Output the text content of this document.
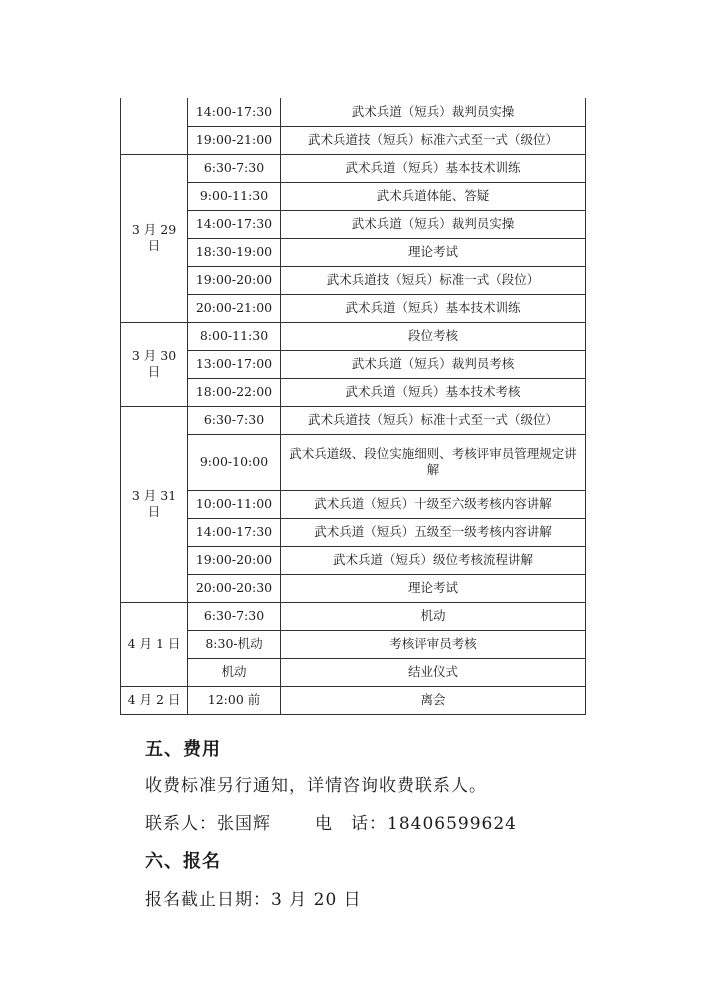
	14:00-17:30	武术兵道（短兵）裁判员实操
	19:00-21:00	武术兵道技（短兵）标准六式至一式（级位）
3 月 29 日	6:30-7:30	武术兵道（短兵）基本技术训练
	9:00-11:30	武术兵道体能、答疑
	14:00-17:30	武术兵道（短兵）裁判员实操
	18:30-19:00	理论考试
	19:00-20:00	武术兵道技（短兵）标准一式（段位）
	20:00-21:00	武术兵道（短兵）基本技术训练
3 月 30 日	8:00-11:30	段位考核
	13:00-17:00	武术兵道（短兵）裁判员考核
	18:00-22:00	武术兵道（短兵）基本技术考核
3 月 31 日	6:30-7:30	武术兵道技（短兵）标准十式至一式（级位）
	9:00-10:00	武术兵道级、段位实施细则、考核评审员管理规定讲解
	10:00-11:00	武术兵道（短兵）十级至六级考核内容讲解
	14:00-17:30	武术兵道（短兵）五级至一级考核内容讲解
	19:00-20:00	武术兵道（短兵）级位考核流程讲解
	20:00-20:30	理论考试
4 月 1 日	6:30-7:30	机动
	8:30-机动	考核评审员考核
	机动	结业仪式
4 月 2 日	12:00 前	离会
五、费用
收费标准另行通知，详情咨询收费联系人。
联系人：张国辉	电　话：18406599624
六、报名
报名截止日期：3 月 20 日
